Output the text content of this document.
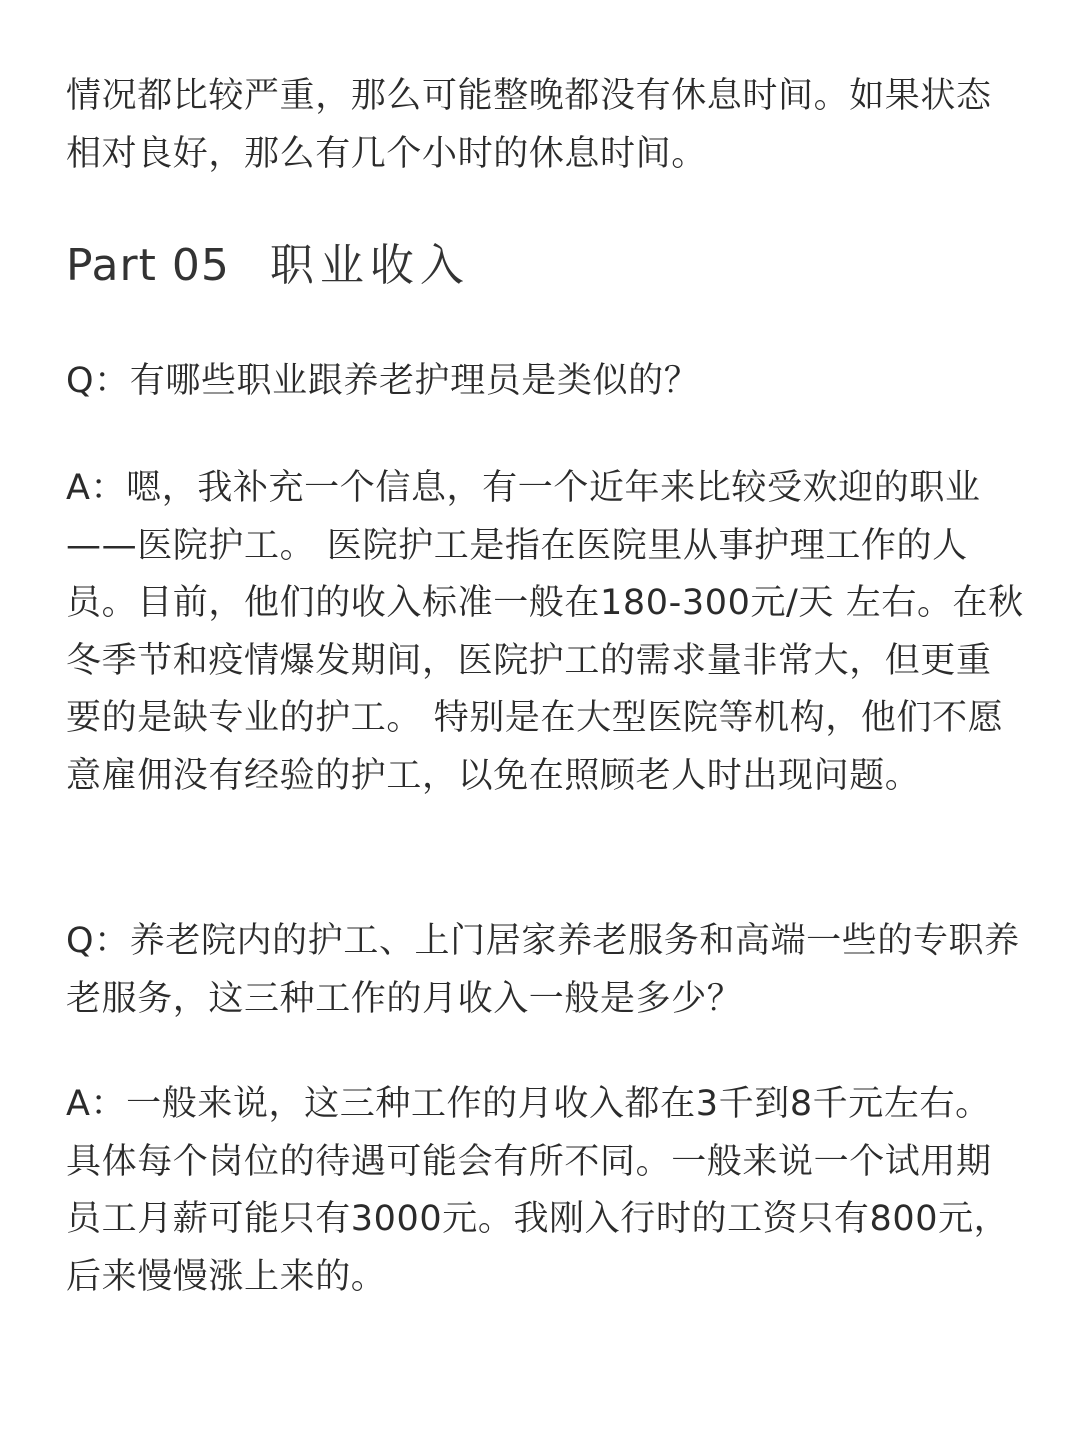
情况都比较严重，那么可能整晚都没有休息时间。如果状态相对良好，那么有几个小时的休息时间。

Part 05 职业收入

Q：有哪些职业跟养老护理员是类似的？

A：嗯，我补充一个信息，有一个近年来比较受欢迎的职业——医院护工。 医院护工是指在医院里从事护理工作的人员。目前，他们的收入标准一般在180-300元/天 左右。在秋冬季节和疫情爆发期间，医院护工的需求量非常大，但更重要的是缺专业的护工。 特别是在大型医院等机构，他们不愿意雇佣没有经验的护工，以免在照顾老人时出现问题。

Q：养老院内的护工、上门居家养老服务和高端一些的专职养老服务，这三种工作的月收入一般是多少？

A：一般来说，这三种工作的月收入都在3千到8千元左右。具体每个岗位的待遇可能会有所不同。一般来说一个试用期员工月薪可能只有3000元。我刚入行时的工资只有800元，后来慢慢涨上来的。
